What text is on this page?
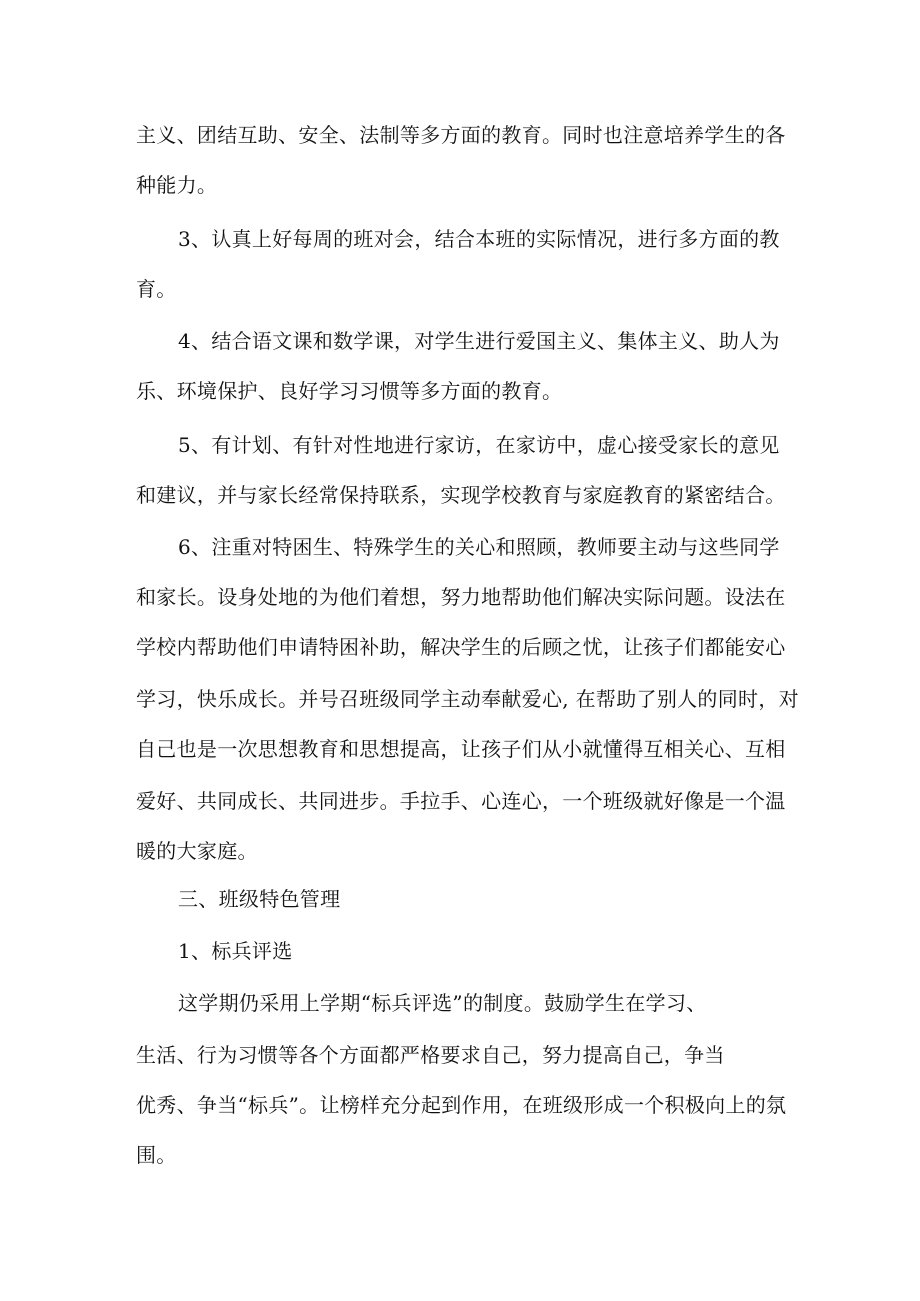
主义、团结互助、安全、法制等多方面的教育。同时也注意培养学生的各
种能力。
3、认真上好每周的班对会，结合本班的实际情况，进行多方面的教
育。
4、结合语文课和数学课，对学生进行爱国主义、集体主义、助人为
乐、环境保护、良好学习习惯等多方面的教育。
5、有计划、有针对性地进行家访，在家访中，虚心接受家长的意见
和建议，并与家长经常保持联系，实现学校教育与家庭教育的紧密结合。
6、注重对特困生、特殊学生的关心和照顾，教师要主动与这些同学
和家长。设身处地的为他们着想，努力地帮助他们解决实际问题。设法在
学校内帮助他们申请特困补助，解决学生的后顾之忧，让孩子们都能安心
学习，快乐成长。并号召班级同学主动奉献爱心, 在帮助了别人的同时，对
自己也是一次思想教育和思想提高，让孩子们从小就懂得互相关心、互相
爱好、共同成长、共同进步。手拉手、心连心，一个班级就好像是一个温
暖的大家庭。
三、班级特色管理
1、标兵评选
这学期仍采用上学期“标兵评选”的制度。鼓励学生在学习、
生活、行为习惯等各个方面都严格要求自己，努力提高自己，争当
优秀、争当“标兵”。让榜样充分起到作用，在班级形成一个积极向上的氛
围。
